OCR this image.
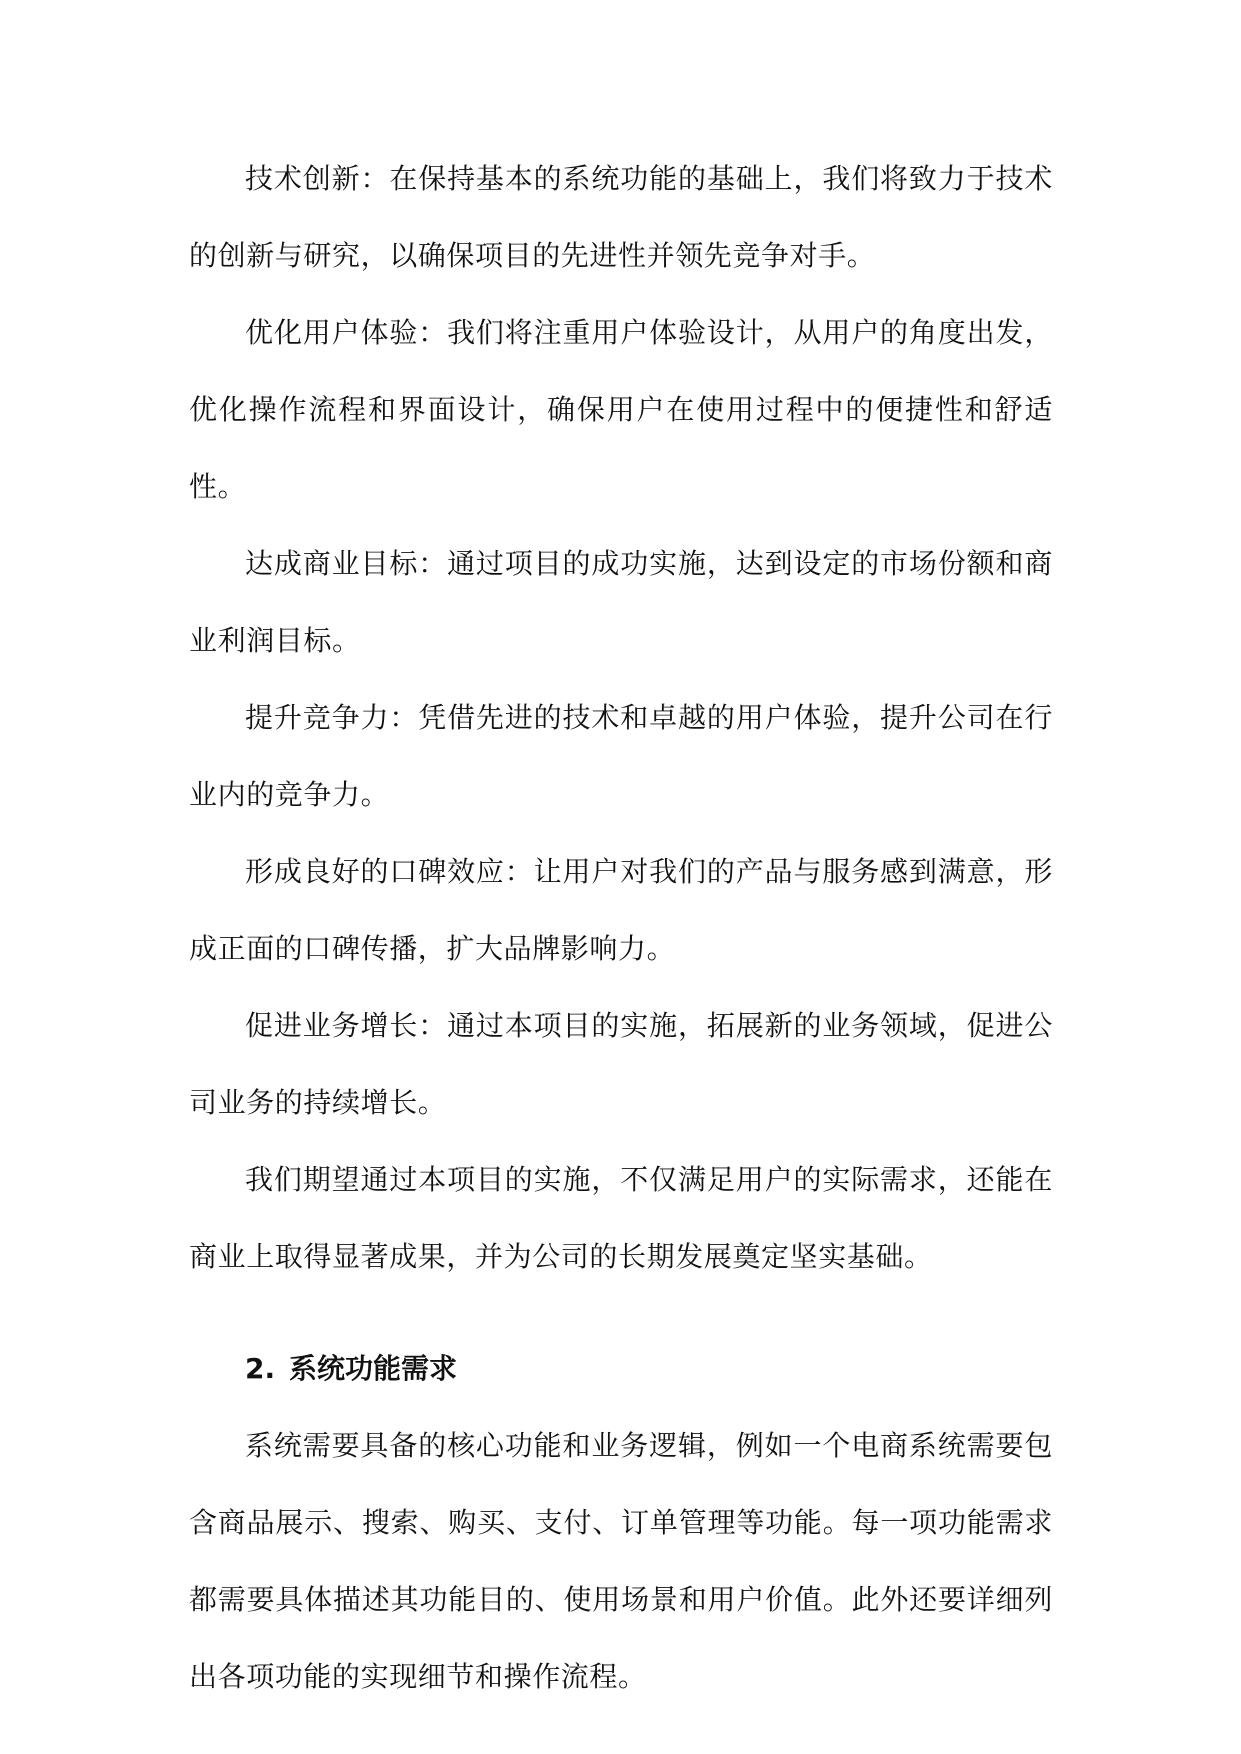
技术创新：在保持基本的系统功能的基础上，我们将致力于技术的创新与研究，以确保项目的先进性并领先竞争对手。

优化用户体验：我们将注重用户体验设计，从用户的角度出发，优化操作流程和界面设计，确保用户在使用过程中的便捷性和舒适性。

达成商业目标：通过项目的成功实施，达到设定的市场份额和商业利润目标。

提升竞争力：凭借先进的技术和卓越的用户体验，提升公司在行业内的竞争力。

形成良好的口碑效应：让用户对我们的产品与服务感到满意，形成正面的口碑传播，扩大品牌影响力。

促进业务增长：通过本项目的实施，拓展新的业务领域，促进公司业务的持续增长。

我们期望通过本项目的实施，不仅满足用户的实际需求，还能在商业上取得显著成果，并为公司的长期发展奠定坚实基础。

2. 系统功能需求

系统需要具备的核心功能和业务逻辑，例如一个电商系统需要包含商品展示、搜索、购买、支付、订单管理等功能。每一项功能需求都需要具体描述其功能目的、使用场景和用户价值。此外还要详细列出各项功能的实现细节和操作流程。
